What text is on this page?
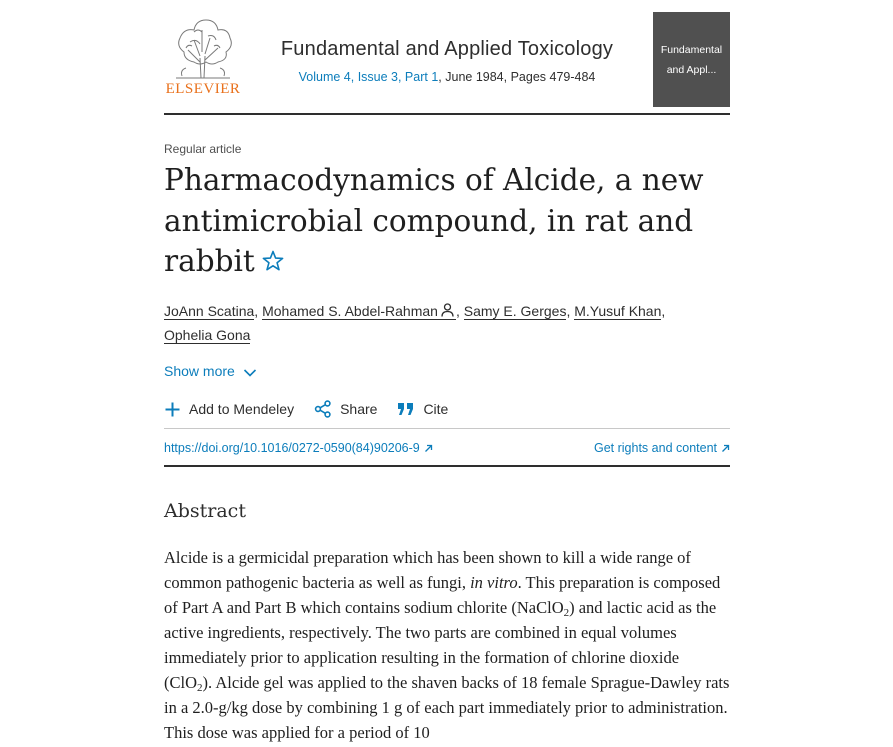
ELSEVIER
Fundamental and Applied Toxicology
Volume 4, Issue 3, Part 1, June 1984, Pages 479-484
Fundamental and Appl...
Regular article
Pharmacodynamics of Alcide, a new antimicrobial compound, in rat and rabbit
JoAnn Scatina, Mohamed S. Abdel-Rahman , Samy E. Gerges, M.Yusuf Khan,
Ophelia Gona
Show more
Add to Mendeley	Share	Cite
https://doi.org/10.1016/0272-0590(84)90206-9	Get rights and content
Abstract

Alcide is a germicidal preparation which has been shown to kill a wide range of common pathogenic bacteria as well as fungi, in vitro. This preparation is composed of Part A and Part B which contains sodium chlorite (NaClO$_2$) and lactic acid as the active ingredients, respectively. The two parts are combined in equal volumes immediately prior to application resulting in the formation of chlorine dioxide (ClO$_2$). Alcide gel was applied to the shaven backs of 18 female Sprague-Dawley rats in a 2.0-g/kg dose by combining 1 g of each part immediately prior to administration. This dose was applied for a period of 10
